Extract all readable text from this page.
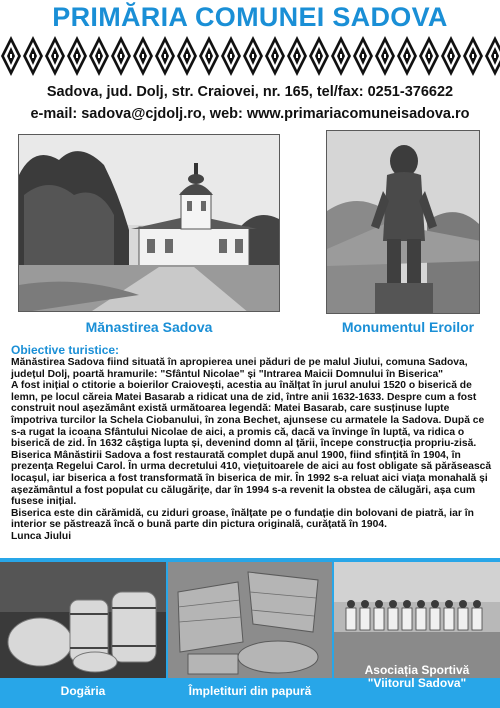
PRIMĂRIA COMUNEI SADOVA
Sadova, jud. Dolj, str. Craiovei, nr. 165, tel/fax: 0251-376622
e-mail: sadova@cjdolj.ro, web: www.primariacomuneisadova.ro
Mănastirea Sadova	Monumentul Eroilor
Obiective turistice:
Mănăstirea Sadova fiind situată în apropierea unei păduri de pe malul Jiului, comuna Sadova, județul Dolj, poartă hramurile: "Sfântul Nicolae" și "Intrarea Maicii Domnului în Biserica"
A fost inițial o ctitorie a boierilor Craiovești, acestia au înălțat în jurul anului 1520 o biserică de lemn, pe locul căreia Matei Basarab a ridicat una de zid, între anii 1632-1633. Despre cum a fost construit noul așezământ există următoarea legendă: Matei Basarab, care susținuse lupte împotriva turcilor la Schela Ciobanului, în zona Bechet, ajunsese cu armatele la Sadova. După ce s-a rugat la icoana Sfântului Nicolae de aici, a promis că, dacă va învinge în luptă, va ridica o biserică de zid. În 1632 câștiga lupta și, devenind domn al țării, începe construcția propriu-zisă.
Biserica Mânăstirii Sadova a fost restaurată complet după anul 1900, fiind sfințită în 1904, în prezența Regelui Carol. În urma decretului 410, viețuitoarele de aici au fost obligate să părăsească locașul, iar biserica a fost transformată în biserica de mir. În 1992 s-a reluat aici viața monahală și așezământul a fost populat cu călugărițe, dar în 1994 s-a revenit la obstea de călugări, așa cum fusese inițial.
Biserica este din cărămidă, cu ziduri groase, înălțate pe o fundație din bolovani de piatră, iar în interior se păstrează încă o bună parte din pictura originală, curățată în 1904.
Lunca Jiului
Dogăria	Împletituri din papură
Asociația Sportivă
"Viitorul Sadova"
